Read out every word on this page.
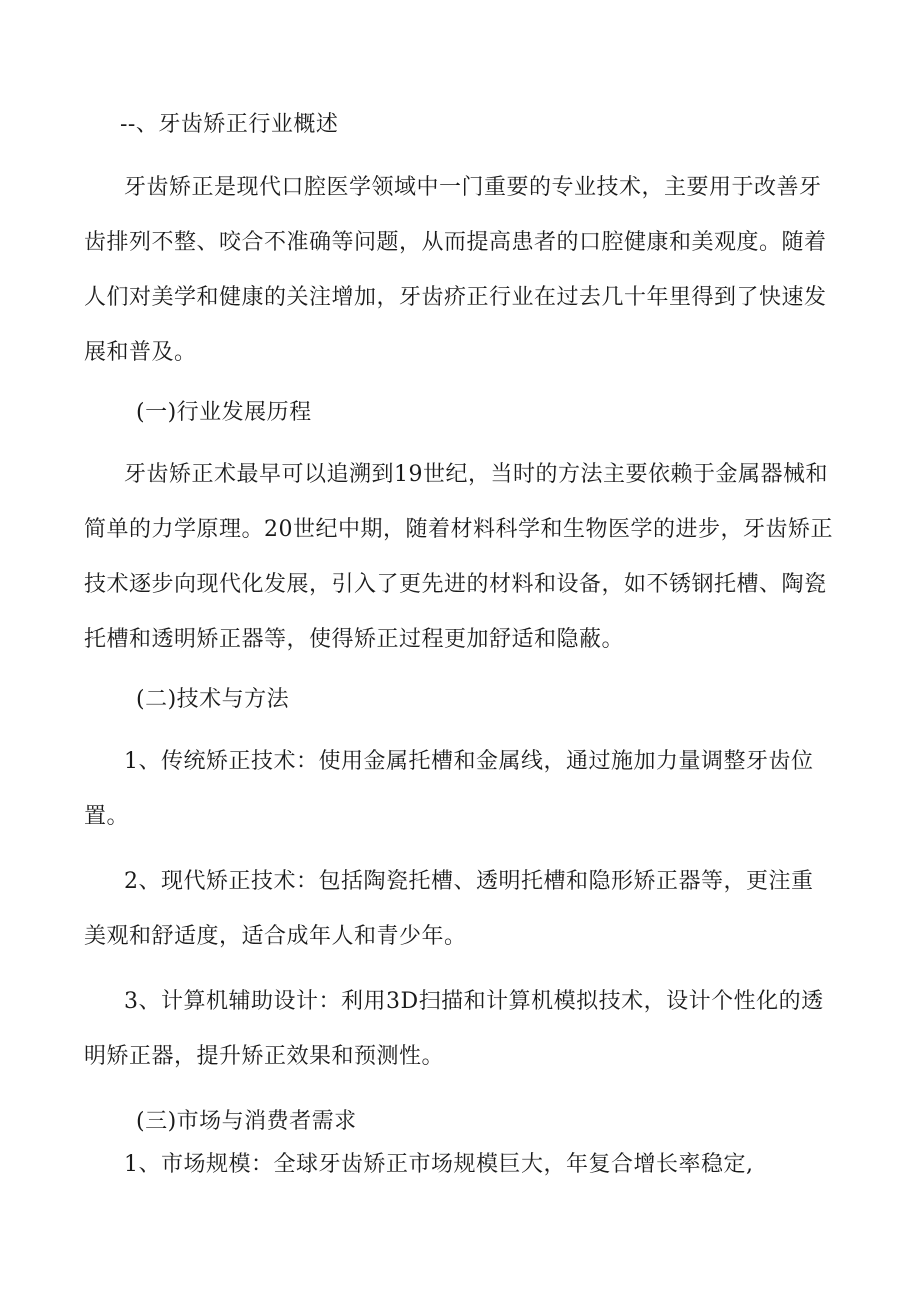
--、牙齿矫正行业概述
牙齿矫正是现代口腔医学领域中一门重要的专业技术，主要用于改善牙
齿排列不整、咬合不准确等问题，从而提高患者的口腔健康和美观度。随着
人们对美学和健康的关注增加，牙齿疥正行业在过去几十年里得到了快速发
展和普及。
(一)行业发展历程
牙齿矫正术最早可以追溯到19世纪，当时的方法主要依赖于金属器械和
简单的力学原理。20世纪中期，随着材料科学和生物医学的进步，牙齿矫正
技术逐步向现代化发展，引入了更先进的材料和设备，如不锈钢托槽、陶瓷
托槽和透明矫正器等，使得矫正过程更加舒适和隐蔽。
(二)技术与方法
1、传统矫正技术：使用金属托槽和金属线，通过施加力量调整牙齿位
置。
2、现代矫正技术：包括陶瓷托槽、透明托槽和隐形矫正器等，更注重
美观和舒适度，适合成年人和青少年。
3、计算机辅助设计：利用3D扫描和计算机模拟技术，设计个性化的透
明矫正器，提升矫正效果和预测性。
(三)市场与消费者需求
1、市场规模：全球牙齿矫正市场规模巨大，年复合增长率稳定,
